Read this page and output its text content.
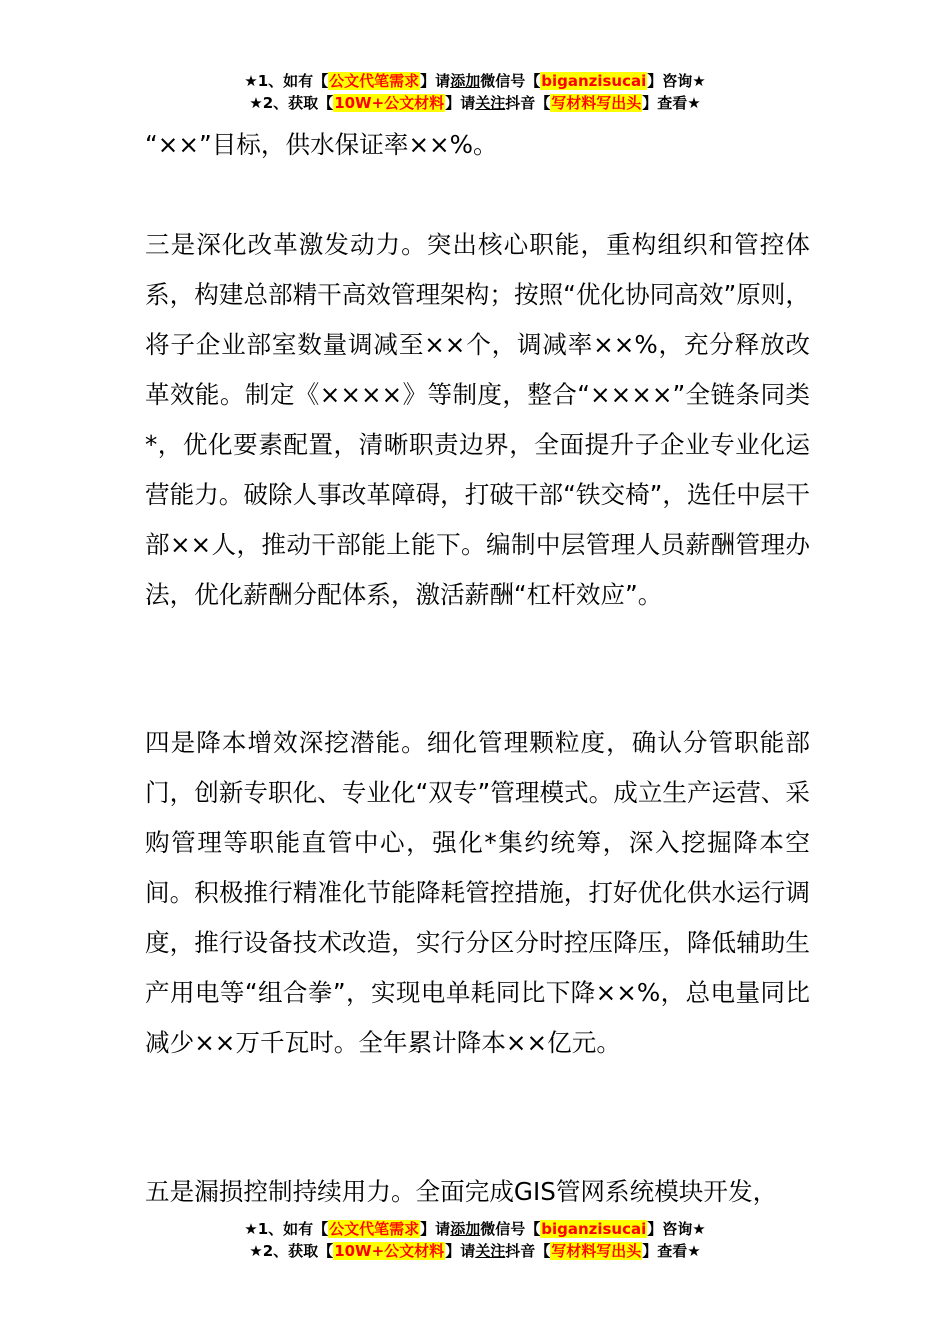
★1、如有【公文代笔需求】请添加微信号【biganzisucai】咨询★
★2、获取【10W+公文材料】请关注抖音【写材料写出头】查看★

“××”目标，供水保证率××%。

三是深化改革激发动力。突出核心职能，重构组织和管控体系，构建总部精干高效管理架构；按照“优化协同高效”原则，将子企业部室数量调减至××个，调减率××%，充分释放改革效能。制定《××××》等制度，整合“××××”全链条同类*，优化要素配置，清晰职责边界，全面提升子企业专业化运营能力。破除人事改革障碍，打破干部“铁交椅”，选任中层干部××人，推动干部能上能下。编制中层管理人员薪酬管理办法，优化薪酬分配体系，激活薪酬“杠杆效应”。

四是降本增效深挖潜能。细化管理颗粒度，确认分管职能部门，创新专职化、专业化“双专”管理模式。成立生产运营、采购管理等职能直管中心，强化*集约统筹，深入挖掘降本空间。积极推行精准化节能降耗管控措施，打好优化供水运行调度，推行设备技术改造，实行分区分时控压降压，降低辅助生产用电等“组合拳”，实现电单耗同比下降××%，总电量同比减少××万千瓦时。全年累计降本××亿元。

五是漏损控制持续用力。全面完成GIS管网系统模块开发，

★1、如有【公文代笔需求】请添加微信号【biganzisucai】咨询★
★2、获取【10W+公文材料】请关注抖音【写材料写出头】查看★
